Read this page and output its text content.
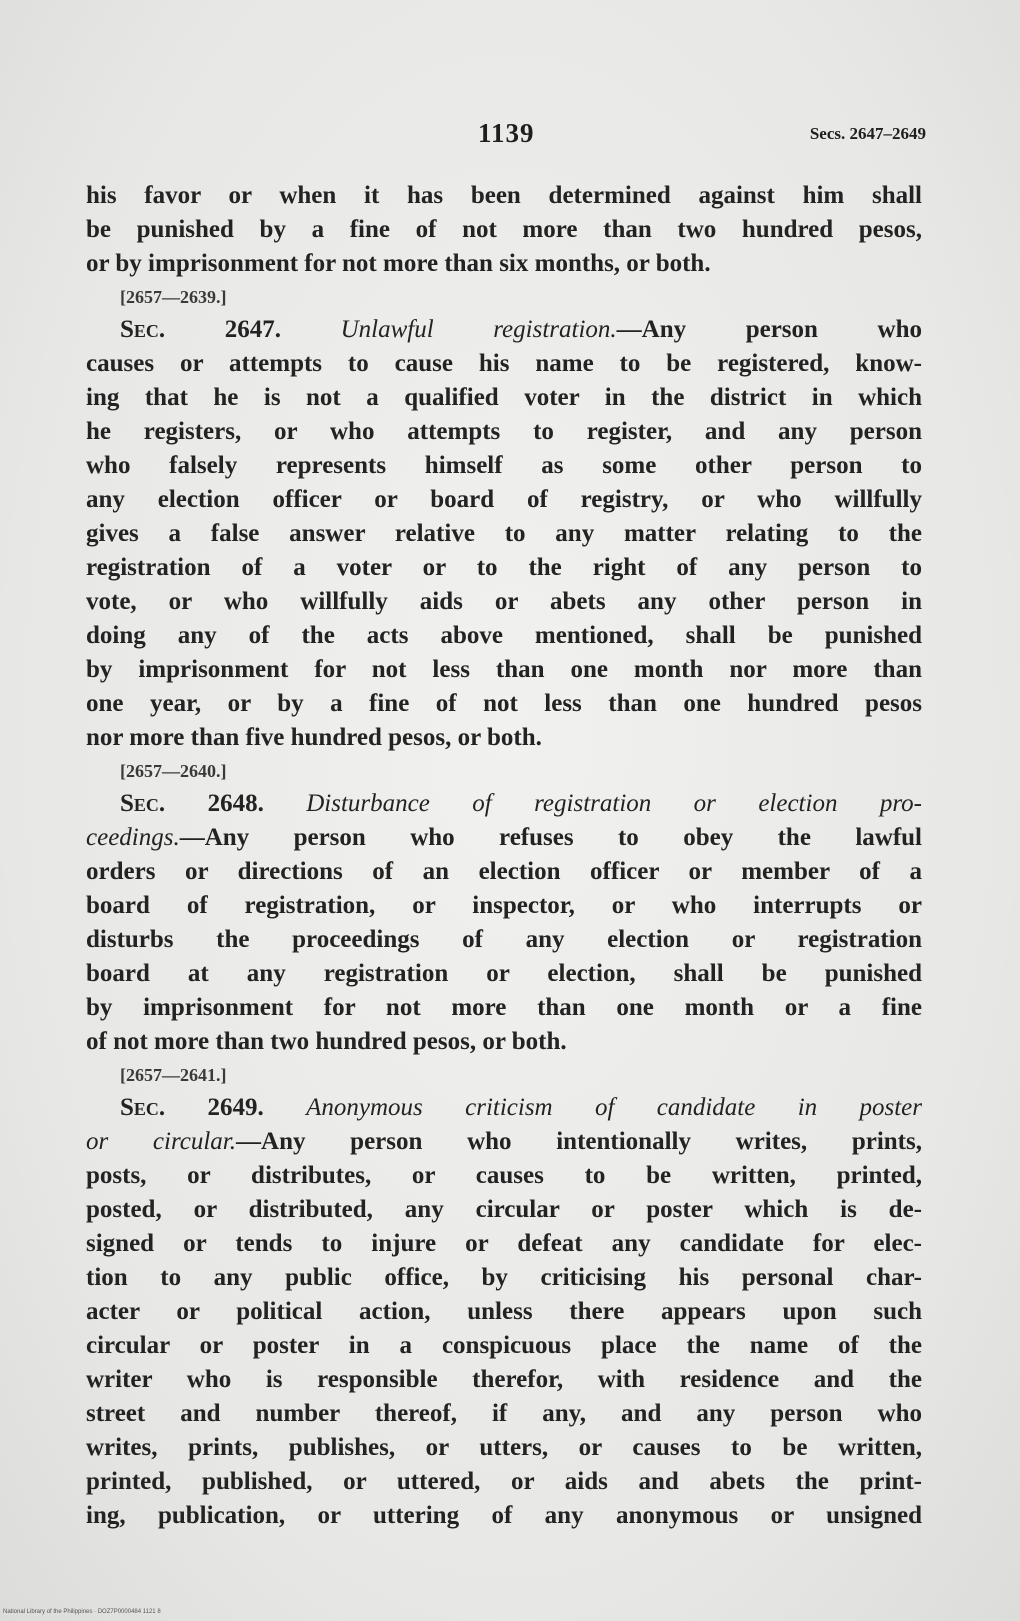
1139	Secs. 2647–2649
his favor or when it has been determined against him shall
be punished by a fine of not more than two hundred pesos,
or by imprisonment for not more than six months, or both.
[2657—2639.]
Sec. 2647. Unlawful registration.—Any person who
causes or attempts to cause his name to be registered, know-
ing that he is not a qualified voter in the district in which
he registers, or who attempts to register, and any person
who falsely represents himself as some other person to
any election officer or board of registry, or who willfully
gives a false answer relative to any matter relating to the
registration of a voter or to the right of any person to
vote, or who willfully aids or abets any other person in
doing any of the acts above mentioned, shall be punished
by imprisonment for not less than one month nor more than
one year, or by a fine of not less than one hundred pesos
nor more than five hundred pesos, or both.
[2657—2640.]
Sec. 2648. Disturbance of registration or election pro-
ceedings.—Any person who refuses to obey the lawful
orders or directions of an election officer or member of a
board of registration, or inspector, or who interrupts or
disturbs the proceedings of any election or registration
board at any registration or election, shall be punished
by imprisonment for not more than one month or a fine
of not more than two hundred pesos, or both.
[2657—2641.]
Sec. 2649. Anonymous criticism of candidate in poster
or circular.—Any person who intentionally writes, prints,
posts, or distributes, or causes to be written, printed,
posted, or distributed, any circular or poster which is de-
signed or tends to injure or defeat any candidate for elec-
tion to any public office, by criticising his personal char-
acter or political action, unless there appears upon such
circular or poster in a conspicuous place the name of the
writer who is responsible therefor, with residence and the
street and number thereof, if any, and any person who
writes, prints, publishes, or utters, or causes to be written,
printed, published, or uttered, or aids and abets the print-
ing, publication, or uttering of any anonymous or unsigned
National Library of the Philippines · DOZ7P0000484 1121 8
